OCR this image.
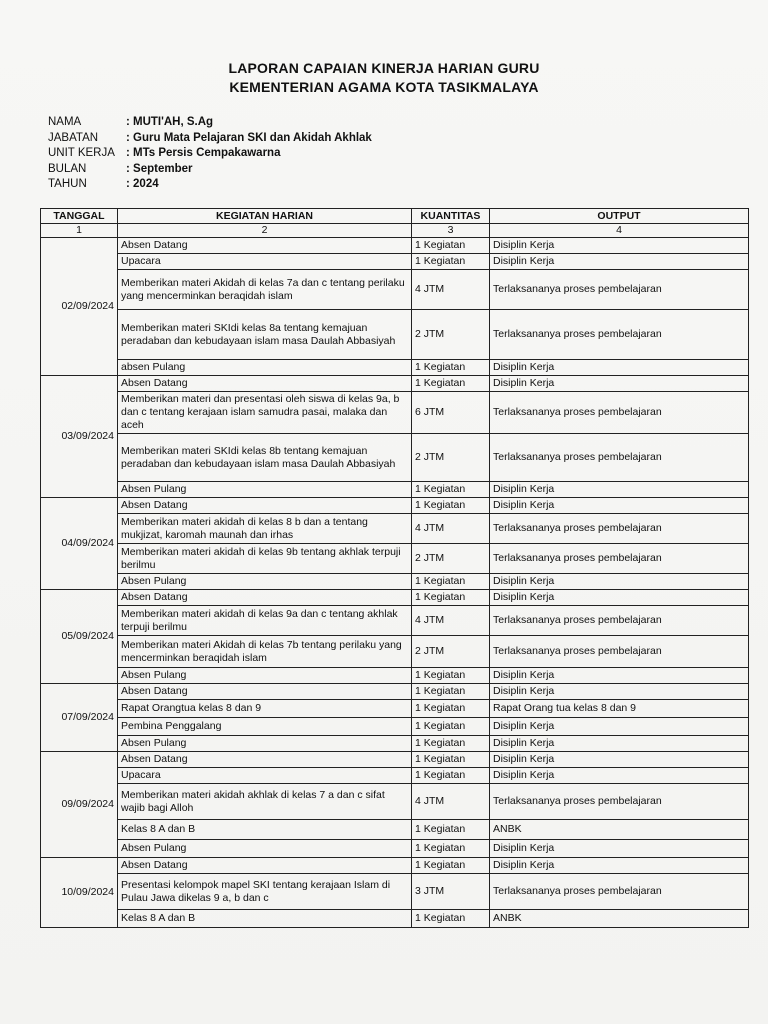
LAPORAN CAPAIAN KINERJA HARIAN GURU
KEMENTERIAN AGAMA KOTA TASIKMALAYA
NAMA	: MUTI'AH, S.Ag
JABATAN	: Guru Mata Pelajaran SKI dan Akidah Akhlak
UNIT KERJA : MTs Persis Cempakawarna
BULAN	: September
TAHUN	: 2024
TANGGAL	KEGIATAN HARIAN	KUANTITAS	OUTPUT
1	2	3	4
02/09/2024	Absen Datang	1 Kegiatan	Disiplin Kerja
	Upacara	1 Kegiatan	Disiplin Kerja
	Memberikan materi Akidah di kelas 7a dan c tentang perilaku yang mencerminkan beraqidah islam	4 JTM	Terlaksananya proses pembelajaran
	Memberikan materi SKIdi kelas 8a tentang kemajuan peradaban dan kebudayaan islam masa Daulah Abbasiyah	2 JTM	Terlaksananya proses pembelajaran
	absen Pulang	1 Kegiatan	Disiplin Kerja
03/09/2024	Absen Datang	1 Kegiatan	Disiplin Kerja
	Memberikan materi dan presentasi oleh siswa di kelas 9a, b dan c tentang kerajaan islam samudra pasai, malaka dan aceh	6 JTM	Terlaksananya proses pembelajaran
	Memberikan materi SKIdi kelas 8b tentang kemajuan peradaban dan kebudayaan islam masa Daulah Abbasiyah	2 JTM	Terlaksananya proses pembelajaran
	Absen Pulang	1 Kegiatan	Disiplin Kerja
04/09/2024	Absen Datang	1 Kegiatan	Disiplin Kerja
	Memberikan materi akidah di kelas 8 b dan a tentang mukjizat, karomah maunah dan irhas	4 JTM	Terlaksananya proses pembelajaran
	Memberikan materi akidah di kelas 9b tentang akhlak terpuji berilmu	2 JTM	Terlaksananya proses pembelajaran
	Absen Pulang	1 Kegiatan	Disiplin Kerja
05/09/2024	Absen Datang	1 Kegiatan	Disiplin Kerja
	Memberikan materi akidah di kelas 9a dan c tentang akhlak terpuji berilmu	4 JTM	Terlaksananya proses pembelajaran
	Memberikan materi Akidah di kelas 7b tentang perilaku yang mencerminkan beraqidah islam	2 JTM	Terlaksananya proses pembelajaran
	Absen Pulang	1 Kegiatan	Disiplin Kerja
07/09/2024	Absen Datang	1 Kegiatan	Disiplin Kerja
	Rapat Orangtua kelas 8 dan 9	1 Kegiatan	Rapat Orang tua kelas 8 dan 9
	Pembina Penggalang	1 Kegiatan	Disiplin Kerja
	Absen Pulang	1 Kegiatan	Disiplin Kerja
09/09/2024	Absen Datang	1 Kegiatan	Disiplin Kerja
	Upacara	1 Kegiatan	Disiplin Kerja
	Memberikan materi akidah akhlak di kelas 7 a dan c sifat wajib bagi Alloh	4 JTM	Terlaksananya proses pembelajaran
	Kelas 8 A dan B	1 Kegiatan	ANBK
	Absen Pulang	1 Kegiatan	Disiplin Kerja
10/09/2024	Absen Datang	1 Kegiatan	Disiplin Kerja
	Presentasi kelompok mapel SKI tentang kerajaan Islam di Pulau Jawa dikelas 9 a, b dan c	3 JTM	Terlaksananya proses pembelajaran
	Kelas 8 A dan B	1 Kegiatan	ANBK
